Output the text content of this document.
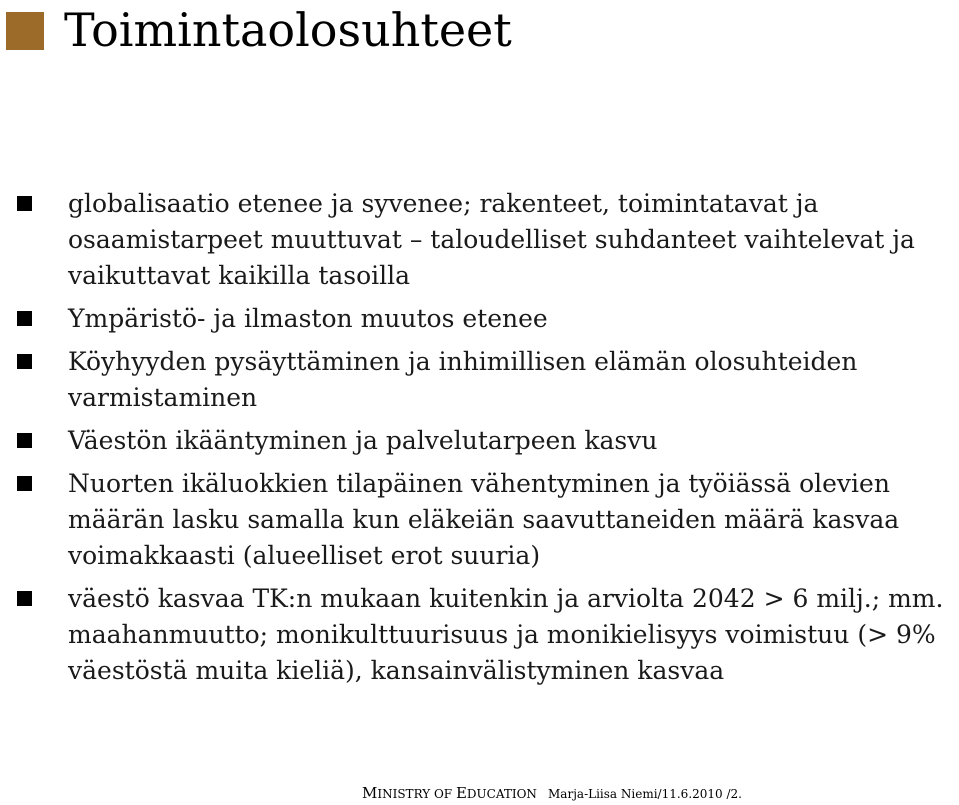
Toimintaolosuhteet
globalisaatio etenee ja syvenee; rakenteet, toimintatavat ja osaamistarpeet muuttuvat – taloudelliset suhdanteet vaihtelevat ja vaikuttavat kaikilla tasoilla
Ympäristö- ja ilmaston muutos etenee
Köyhyyden pysäyttäminen ja inhimillisen elämän olosuhteiden varmistaminen
Väestön ikääntyminen ja palvelutarpeen kasvu
Nuorten ikäluokkien tilapäinen vähentyminen ja työiässä olevien määrän lasku samalla kun eläkeiän saavuttaneiden määrä kasvaa voimakkaasti (alueelliset erot suuria)
väestö kasvaa TK:n mukaan kuitenkin ja arviolta 2042 > 6 milj.; mm. maahanmuutto; monikulttuurisuus ja monikielisyys voimistuu (> 9% väestöstä muita kieliä), kansainvälistyminen kasvaa
MINISTRY OF EDUCATION Marja-Liisa Niemi/11.6.2010 /2.
